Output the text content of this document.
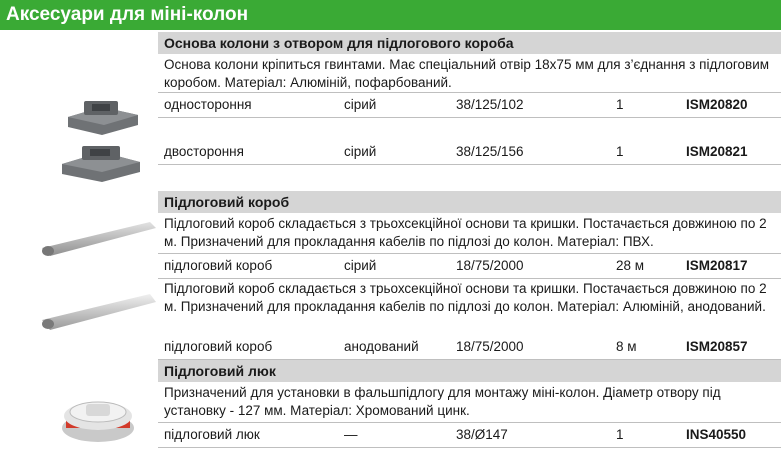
Аксесуари для міні-колон
Основа колони з отвором для підлогового короба
Основа колони кріпиться гвинтами. Має спеціальний отвір 18x75 мм для з’єднання з підлоговим коробом. Матеріал: Алюміній, пофарбований.
одностороння	сірий	38/125/102	1	ISM20820
двостороння	сірий	38/125/156	1	ISM20821
Підлоговий короб
Підлоговий короб складається з трьохсекційної основи та кришки. Постачається довжиною по 2 м. Призначений для прокладання кабелів по підлозі до колон. Матеріал: ПВХ.
підлоговий короб	сірий	18/75/2000	28 м	ISM20817
Підлоговий короб складається з трьохсекційної основи та кришки. Постачається довжиною по 2 м. Призначений для прокладання кабелів по підлозі до колон. Матеріал: Алюміній, анодований.
підлоговий короб	анодований	18/75/2000	8 м	ISM20857
Підлоговий люк
Призначений для установки в фальшпідлогу для монтажу міні-колон. Діаметр отвору під установку - 127 мм. Матеріал: Хромований цинк.
підлоговий люк	—	38/Ø147	1	INS40550
